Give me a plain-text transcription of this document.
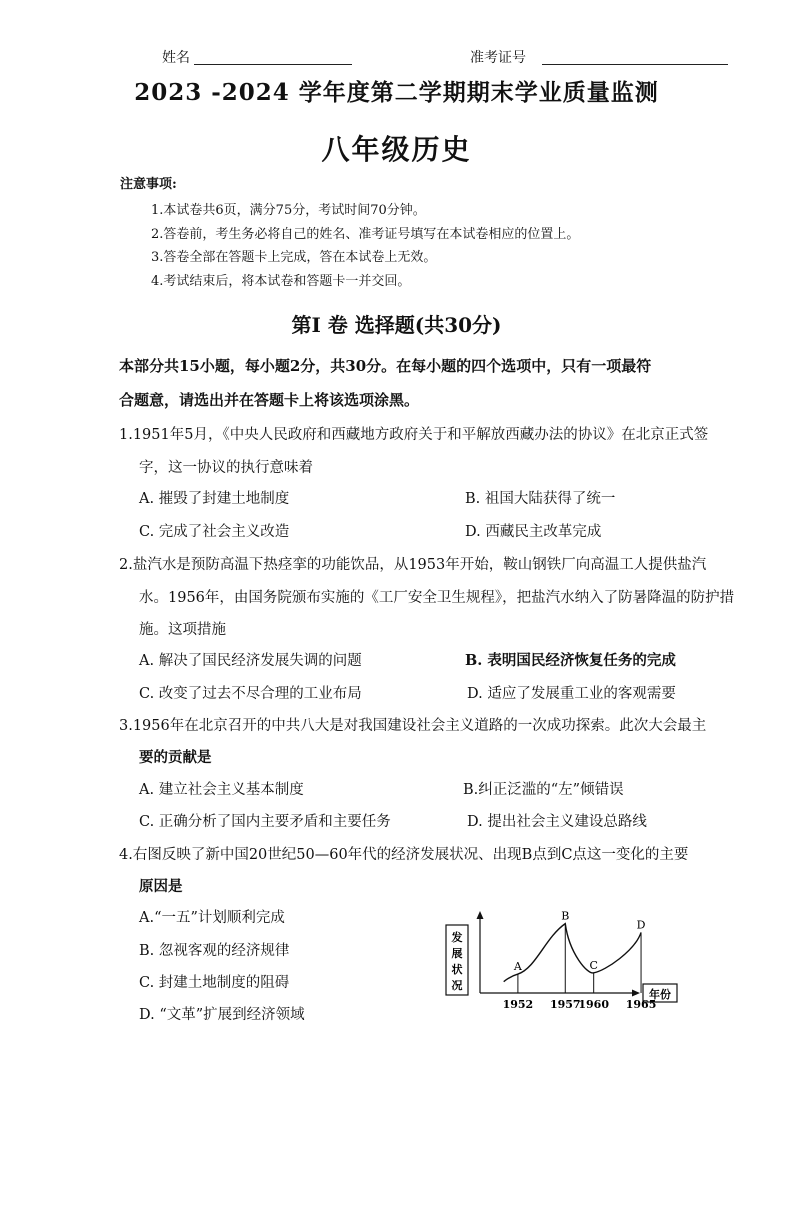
姓名	准考证号
2023 -2024 学年度第二学期期末学业质量监测
八年级历史
注意事项:
1.本试卷共6页，满分75分，考试时间70分钟。
2.答卷前，考生务必将自己的姓名、准考证号填写在本试卷相应的位置上。
3.答卷全部在答题卡上完成，答在本试卷上无效。
4.考试结束后，将本试卷和答题卡一并交回。
第I 卷 选择题(共30分)
本部分共15小题，每小题2分，共30分。在每小题的四个选项中，只有一项最符
合题意，请选出并在答题卡上将该选项涂黑。
1.1951年5月，《中央人民政府和西藏地方政府关于和平解放西藏办法的协议》在北京正式签
字，这一协议的执行意味着
A. 摧毁了封建土地制度	B. 祖国大陆获得了统一
C. 完成了社会主义改造	D. 西藏民主改革完成
2.盐汽水是预防高温下热痉挛的功能饮品，从1953年开始，鞍山钢铁厂向高温工人提供盐汽
水。1956年，由国务院颁布实施的《工厂安全卫生规程》，把盐汽水纳入了防暑降温的防护措
施。这项措施
A. 解决了国民经济发展失调的问题	B. 表明国民经济恢复任务的完成
C. 改变了过去不尽合理的工业布局	D. 适应了发展重工业的客观需要
3.1956年在北京召开的中共八大是对我国建设社会主义道路的一次成功探索。此次大会最主
要的贡献是
A. 建立社会主义基本制度	B.纠正泛滥的“左”倾错误
C. 正确分析了国内主要矛盾和主要任务	D. 提出社会主义建设总路线
4.右图反映了新中国20世纪50—60年代的经济发展状况、出现B点到C点这一变化的主要
原因是
A.“一五”计划顺利完成
B. 忽视客观的经济规律
C. 封建土地制度的阻碍
D. “文革”扩展到经济领域
发
展
状
况
年份
A
B
C
D
1952 1957
1960 1965
